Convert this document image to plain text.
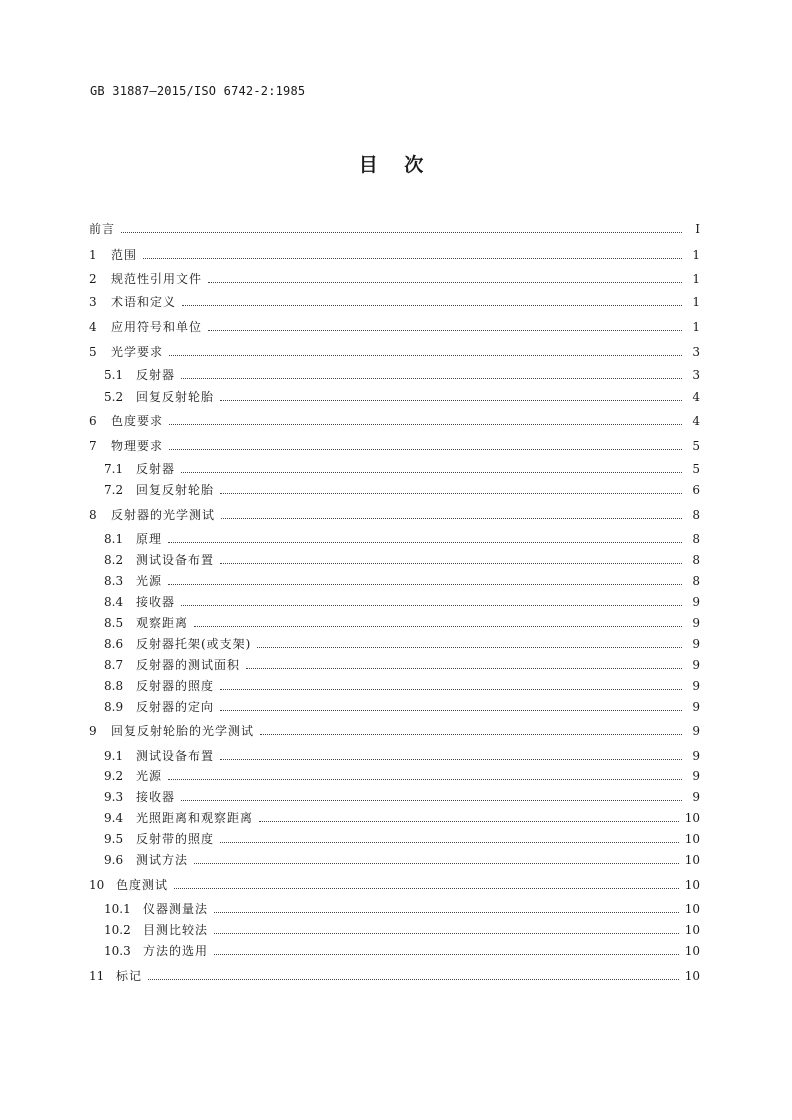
GB 31887—2015/ISO 6742-2:1985
目 次
前言	I
1	范围	1
2	规范性引用文件	1
3	术语和定义	1
4	应用符号和单位	1
5	光学要求	3
5.1	反射器	3
5.2	回复反射轮胎	4
6	色度要求	4
7	物理要求	5
7.1	反射器	5
7.2	回复反射轮胎	6
8	反射器的光学测试	8
8.1	原理	8
8.2	测试设备布置	8
8.3	光源	8
8.4	接收器	9
8.5	观察距离	9
8.6	反射器托架(或支架)	9
8.7	反射器的测试面积	9
8.8	反射器的照度	9
8.9	反射器的定向	9
9	回复反射轮胎的光学测试	9
9.1	测试设备布置	9
9.2	光源	9
9.3	接收器	9
9.4	光照距离和观察距离	10
9.5	反射带的照度	10
9.6	测试方法	10
10 色度测试	10
10.1	仪器测量法	10
10.2	目测比较法	10
10.3	方法的选用	10
11 标记	10
